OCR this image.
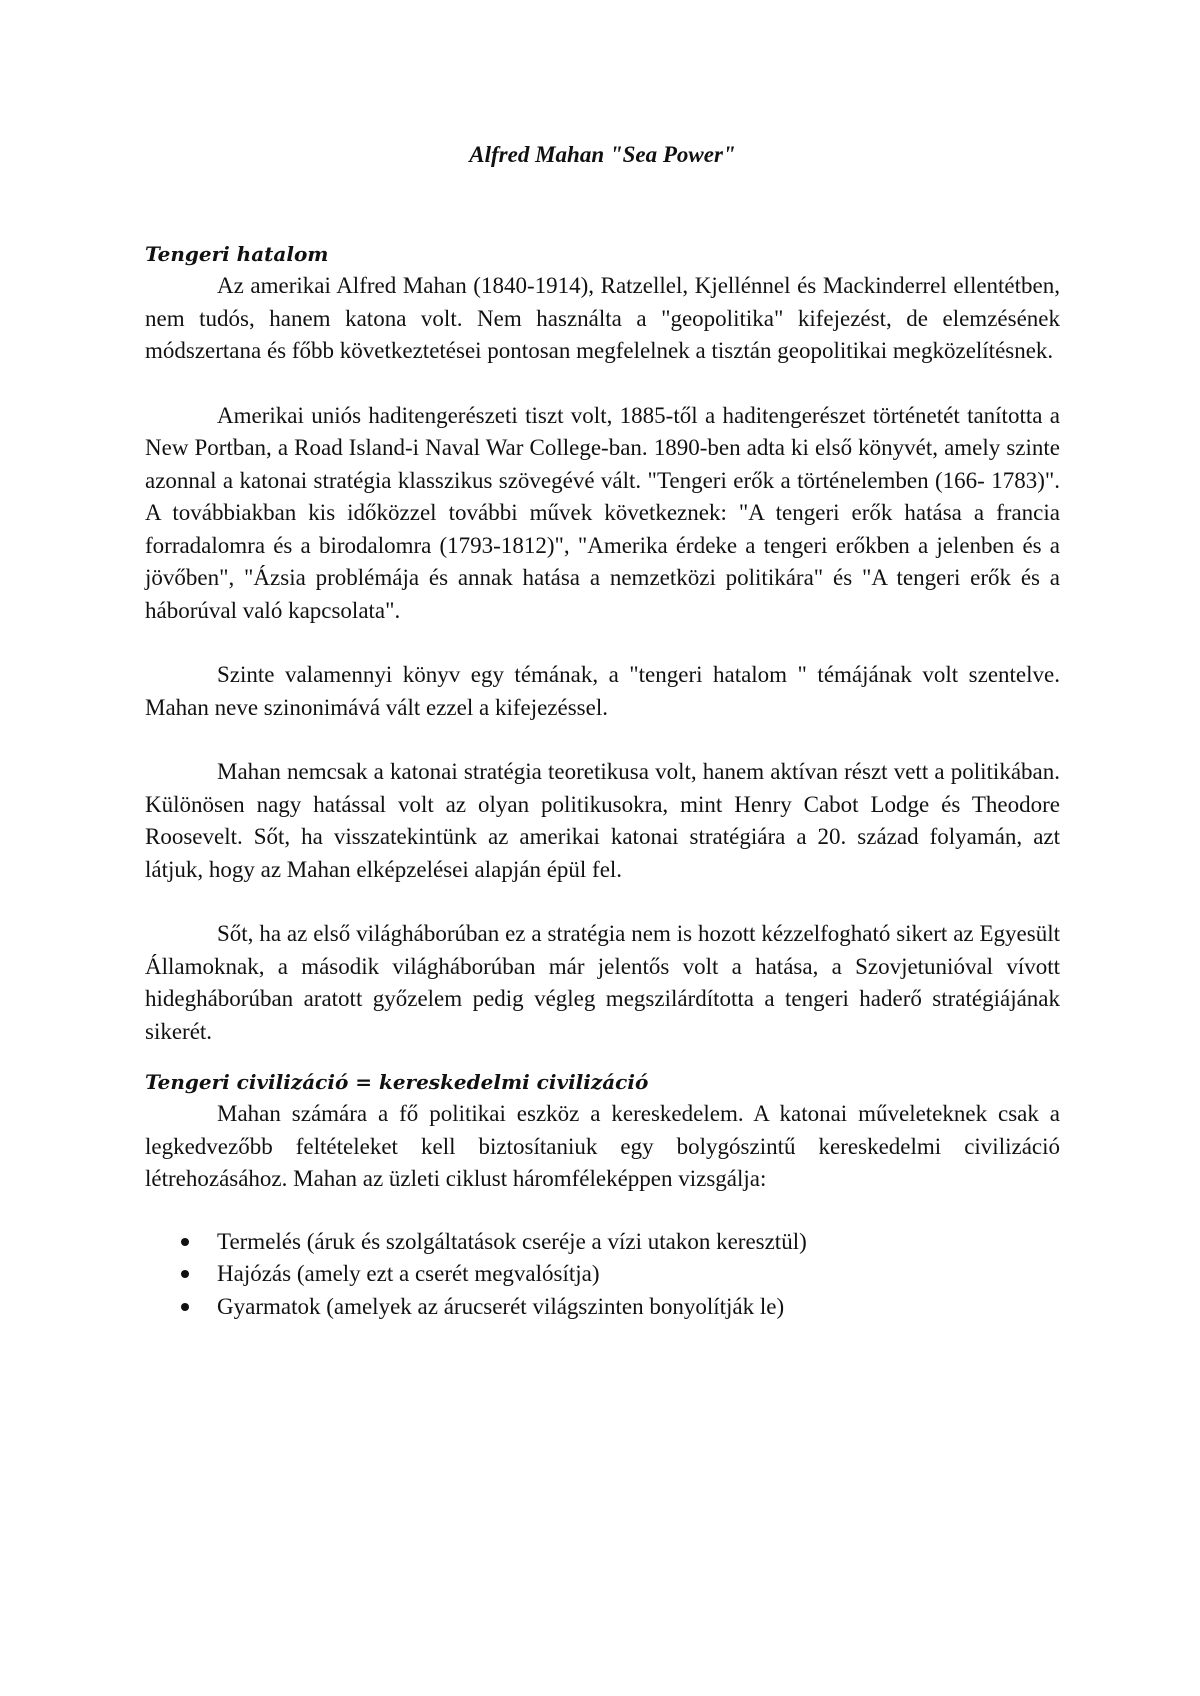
Alfred Mahan "Sea Power"
Tengeri hatalom

Az amerikai Alfred Mahan (1840-1914), Ratzellel, Kjellénnel és Mackinderrel ellentétben, nem tudós, hanem katona volt. Nem használta a "geopolitika" kifejezést, de elemzésének módszertana és főbb következtetései pontosan megfelelnek a tisztán geopolitikai megközelítésnek.

Amerikai uniós haditengerészeti tiszt volt, 1885-től a haditengerészet történetét tanította a New Portban, a Road Island-i Naval War College-ban. 1890-ben adta ki első könyvét, amely szinte azonnal a katonai stratégia klasszikus szövegévé vált. "Tengeri erők a történelemben (166- 1783)". A továbbiakban kis időközzel további művek következnek: "A tengeri erők hatása a francia forradalomra és a birodalomra (1793-1812)", "Amerika érdeke a tengeri erőkben a jelenben és a jövőben", "Ázsia problémája és annak hatása a nemzetközi politikára" és "A tengeri erők és a háborúval való kapcsolata".

Szinte valamennyi könyv egy témának, a "tengeri hatalom " témájának volt szentelve. Mahan neve szinonimává vált ezzel a kifejezéssel.

Mahan nemcsak a katonai stratégia teoretikusa volt, hanem aktívan részt vett a politikában. Különösen nagy hatással volt az olyan politikusokra, mint Henry Cabot Lodge és Theodore Roosevelt. Sőt, ha visszatekintünk az amerikai katonai stratégiára a 20. század folyamán, azt látjuk, hogy az Mahan elképzelései alapján épül fel.

Sőt, ha az első világháborúban ez a stratégia nem is hozott kézzelfogható sikert az Egyesült Államoknak, a második világháborúban már jelentős volt a hatása, a Szovjetunióval vívott hidegháborúban aratott győzelem pedig végleg megszilárdította a tengeri haderő stratégiájának sikerét.

Tengeri civilizáció = kereskedelmi civilizáció

Mahan számára a fő politikai eszköz a kereskedelem. A katonai műveleteknek csak a legkedvezőbb feltételeket kell biztosítaniuk egy bolygószintű kereskedelmi civilizáció létrehozásához. Mahan az üzleti ciklust háromféleképpen vizsgálja:

Termelés (áruk és szolgáltatások cseréje a vízi utakon keresztül)
Hajózás (amely ezt a cserét megvalósítja)
Gyarmatok (amelyek az árucserét világszinten bonyolítják le)
